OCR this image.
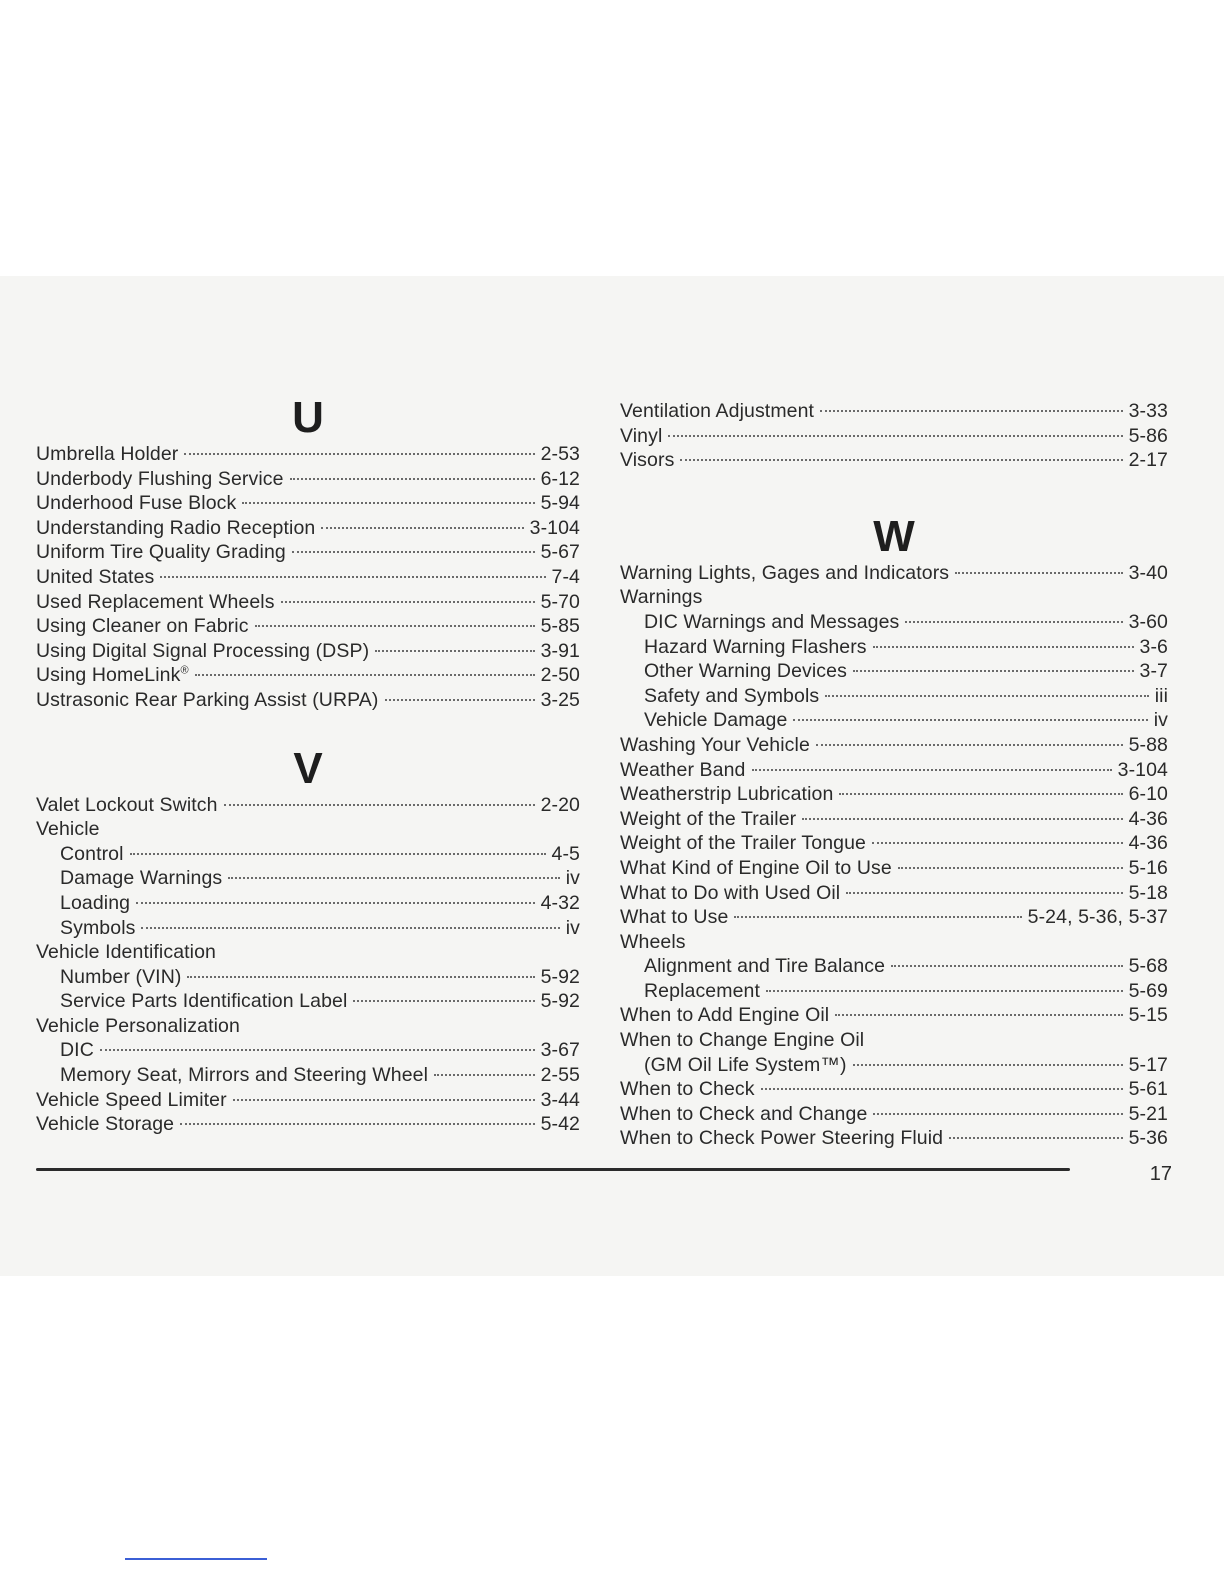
U
Umbrella Holder	2-53
Underbody Flushing Service	6-12
Underhood Fuse Block	5-94
Understanding Radio Reception	3-104
Uniform Tire Quality Grading	5-67
United States	7-4
Used Replacement Wheels	5-70
Using Cleaner on Fabric	5-85
Using Digital Signal Processing (DSP)	3-91
Using HomeLink®	2-50
Ustrasonic Rear Parking Assist (URPA)	3-25
V
Valet Lockout Switch	2-20
Vehicle
Control	4-5
Damage Warnings	iv
Loading	4-32
Symbols	iv
Vehicle Identification
Number (VIN)	5-92
Service Parts Identification Label	5-92
Vehicle Personalization
DIC	3-67
Memory Seat, Mirrors and Steering Wheel	2-55
Vehicle Speed Limiter	3-44
Vehicle Storage	5-42
Ventilation Adjustment	3-33
Vinyl	5-86
Visors	2-17
W
Warning Lights, Gages and Indicators	3-40
Warnings
DIC Warnings and Messages	3-60
Hazard Warning Flashers	3-6
Other Warning Devices	3-7
Safety and Symbols	iii
Vehicle Damage	iv
Washing Your Vehicle	5-88
Weather Band	3-104
Weatherstrip Lubrication	6-10
Weight of the Trailer	4-36
Weight of the Trailer Tongue	4-36
What Kind of Engine Oil to Use	5-16
What to Do with Used Oil	5-18
What to Use	5-24, 5-36, 5-37
Wheels
Alignment and Tire Balance	5-68
Replacement	5-69
When to Add Engine Oil	5-15
When to Change Engine Oil
(GM Oil Life System™)	5-17
When to Check	5-61
When to Check and Change	5-21
When to Check Power Steering Fluid	5-36
17
